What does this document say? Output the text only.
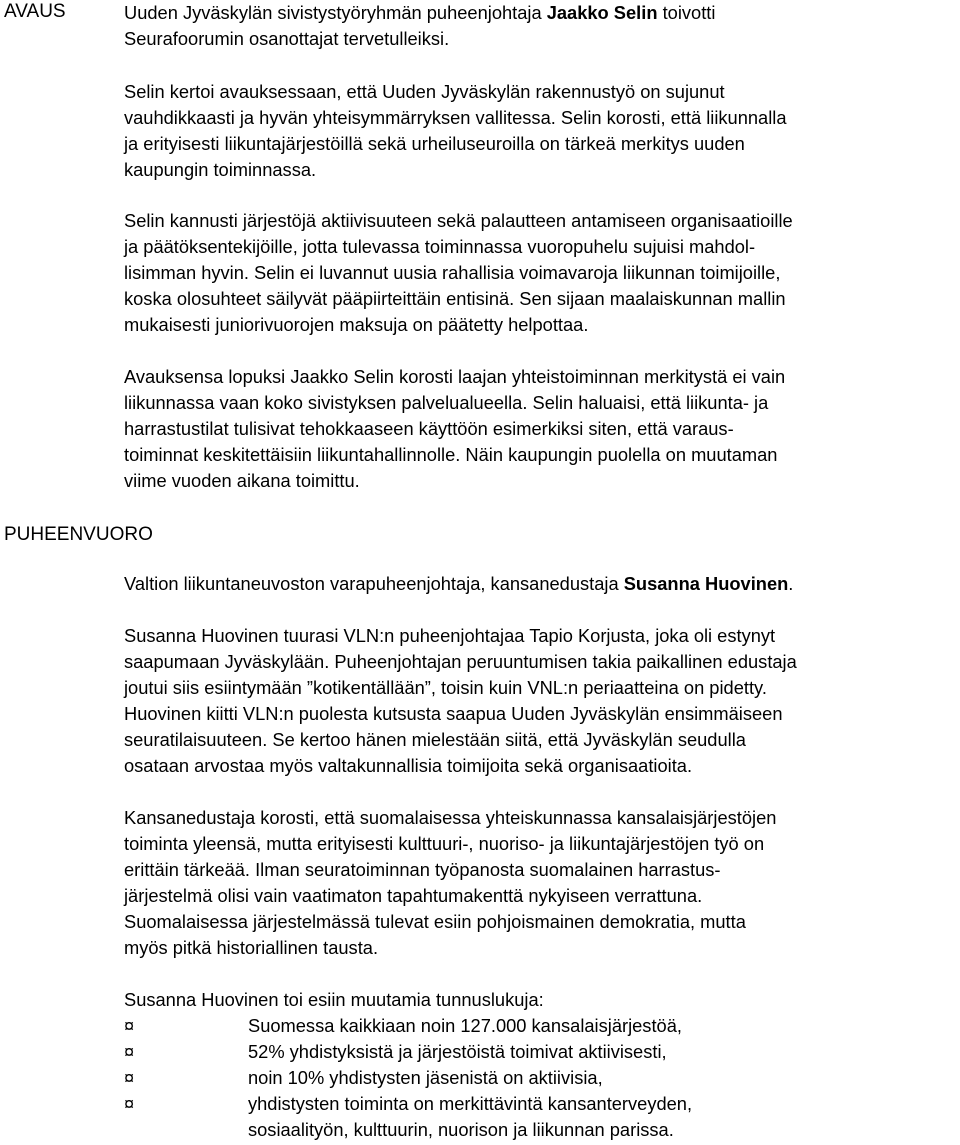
AVAUS
PUHEENVUORO
Uuden Jyväskylän sivistystyöryhmän puheenjohtaja Jaakko Selin toivotti
Seurafoorumin osanottajat tervetulleiksi.
Selin kertoi avauksessaan, että Uuden Jyväskylän rakennustyö on sujunut
vauhdikkaasti ja hyvän yhteisymmärryksen vallitessa. Selin korosti, että liikunnalla
ja erityisesti liikuntajärjestöillä sekä urheiluseuroilla on tärkeä merkitys uuden
kaupungin toiminnassa.
Selin kannusti järjestöjä aktiivisuuteen sekä palautteen antamiseen organisaatioille
ja päätöksentekijöille, jotta tulevassa toiminnassa vuoropuhelu sujuisi mahdol-
lisimman hyvin. Selin ei luvannut uusia rahallisia voimavaroja liikunnan toimijoille,
koska olosuhteet säilyvät pääpiirteittäin entisinä. Sen sijaan maalaiskunnan mallin
mukaisesti juniorivuorojen maksuja on päätetty helpottaa.
Avauksensa lopuksi Jaakko Selin korosti laajan yhteistoiminnan merkitystä ei vain
liikunnassa vaan koko sivistyksen palvelualueella. Selin haluaisi, että liikunta- ja
harrastustilat tulisivat tehokkaaseen käyttöön esimerkiksi siten, että varaus-
toiminnat keskitettäisiin liikuntahallinnolle. Näin kaupungin puolella on muutaman
viime vuoden aikana toimittu.
Valtion liikuntaneuvoston varapuheenjohtaja, kansanedustaja Susanna Huovinen.
Susanna Huovinen tuurasi VLN:n puheenjohtajaa Tapio Korjusta, joka oli estynyt
saapumaan Jyväskylään. Puheenjohtajan peruuntumisen takia paikallinen edustaja
joutui siis esiintymään ”kotikentällään”, toisin kuin VNL:n periaatteina on pidetty.
Huovinen kiitti VLN:n puolesta kutsusta saapua Uuden Jyväskylän ensimmäiseen
seuratilaisuuteen. Se kertoo hänen mielestään siitä, että Jyväskylän seudulla
osataan arvostaa myös valtakunnallisia toimijoita sekä organisaatioita.
Kansanedustaja korosti, että suomalaisessa yhteiskunnassa kansalaisjärjestöjen
toiminta yleensä, mutta erityisesti kulttuuri-, nuoriso- ja liikuntajärjestöjen työ on
erittäin tärkeää. Ilman seuratoiminnan työpanosta suomalainen harrastus-
järjestelmä olisi vain vaatimaton tapahtumakenttä nykyiseen verrattuna.
Suomalaisessa järjestelmässä tulevat esiin pohjoismainen demokratia, mutta
myös pitkä historiallinen tausta.
Susanna Huovinen toi esiin muutamia tunnuslukuja:
¤	Suomessa kaikkiaan noin 127.000 kansalaisjärjestöä,
¤	52% yhdistyksistä ja järjestöistä toimivat aktiivisesti,
¤	noin 10% yhdistysten jäsenistä on aktiivisia,
¤	yhdistysten toiminta on merkittävintä kansanterveyden,
sosiaalityön, kulttuurin, nuorison ja liikunnan parissa.
